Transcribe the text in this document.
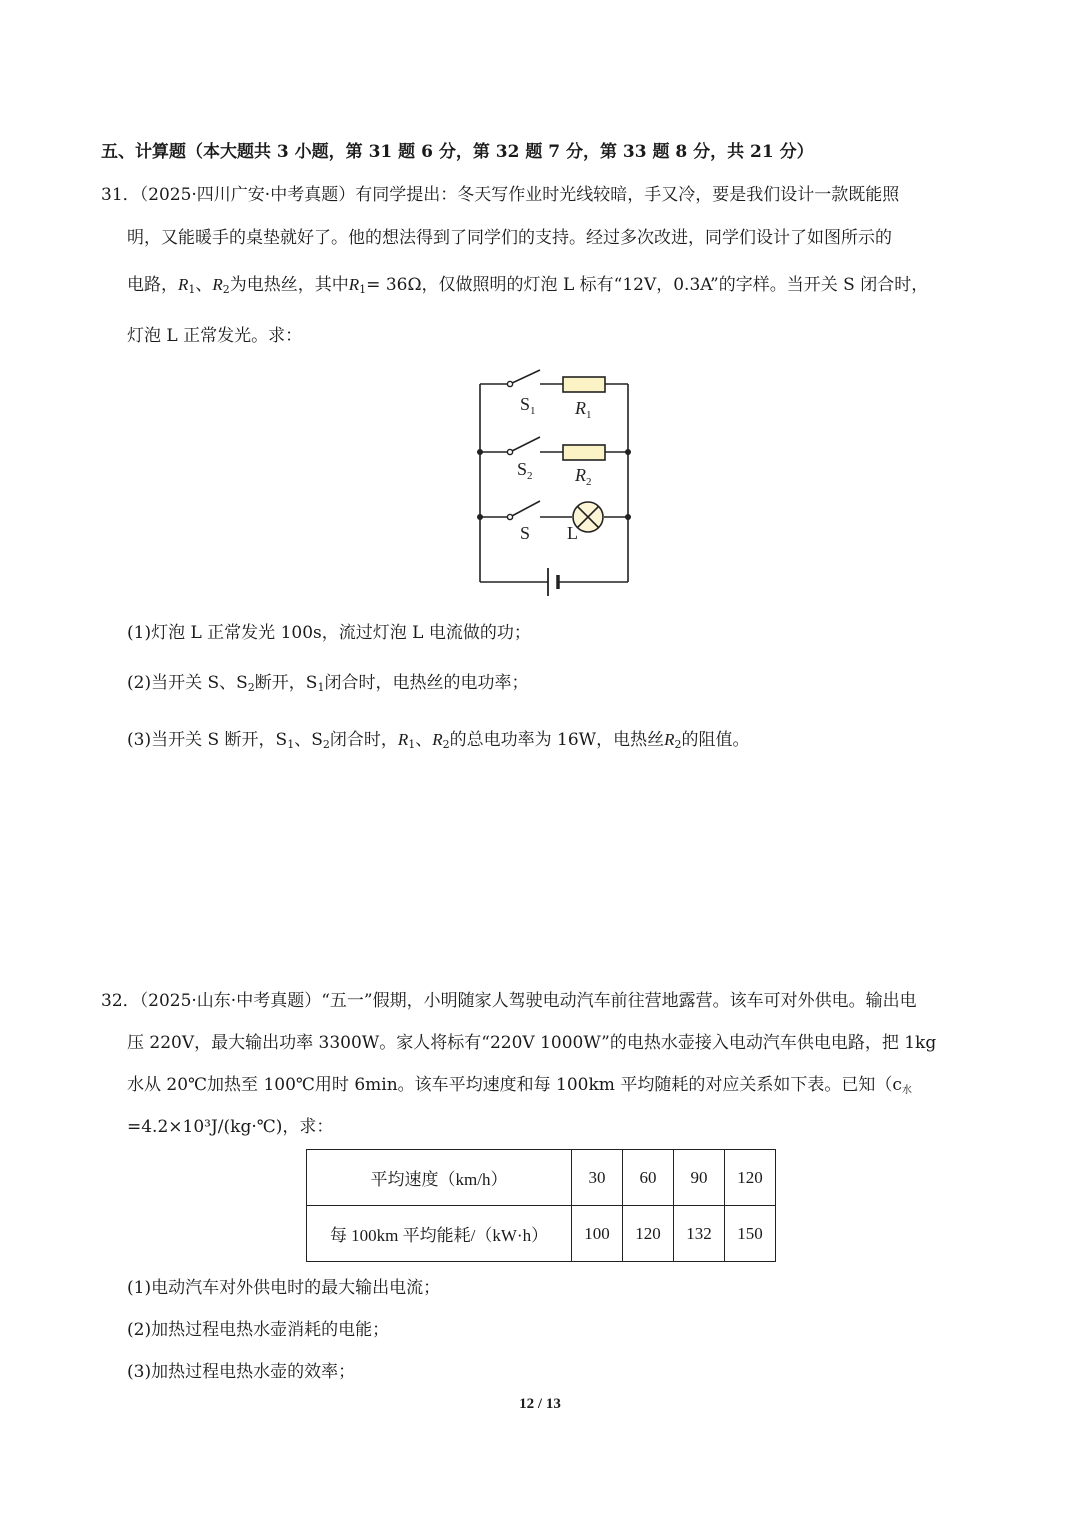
五、计算题（本大题共 3 小题，第 31 题 6 分，第 32 题 7 分，第 33 题 8 分，共 21 分）
31．（2025·四川广安·中考真题）有同学提出：冬天写作业时光线较暗，手又冷，要是我们设计一款既能照
明，又能暖手的桌垫就好了。他的想法得到了同学们的支持。经过多次改进，同学们设计了如图所示的
电路，$R_1$、$R_2$为电热丝，其中$R_1= 36\Omega$，仅做照明的灯泡 L 标有“12V，0.3A”的字样。当开关 S 闭合时，
灯泡 L 正常发光。求：
$S_1$ $R_1$
$S_2$ $R_2$
S L
(1)灯泡 L 正常发光 100s，流过灯泡 L 电流做的功；
(2)当开关 S、$S_2$断开，$S_1$闭合时，电热丝的电功率；
(3)当开关 S 断开，$S_1$、$S_2$闭合时，$R_1$、$R_2$的总电功率为 16W，电热丝$R_2$的阻值。
32．（2025·山东·中考真题）“五一”假期，小明随家人驾驶电动汽车前往营地露营。该车可对外供电。输出电
压 220V，最大输出功率 3300W。家人将标有“220V 1000W”的电热水壶接入电动汽车供电电路，把 1kg
水从 20℃加热至 100℃用时 6min。该车平均速度和每 100km 平均随耗的对应关系如下表。已知（$c_水$
=4.2×10³J/(kg·℃)，求：
平均速度（km/h）	30	60	90	120
每 100km 平均能耗/（kW·h）	100	120	132	150
(1)电动汽车对外供电时的最大输出电流；
(2)加热过程电热水壶消耗的电能；
(3)加热过程电热水壶的效率；
12 / 13
